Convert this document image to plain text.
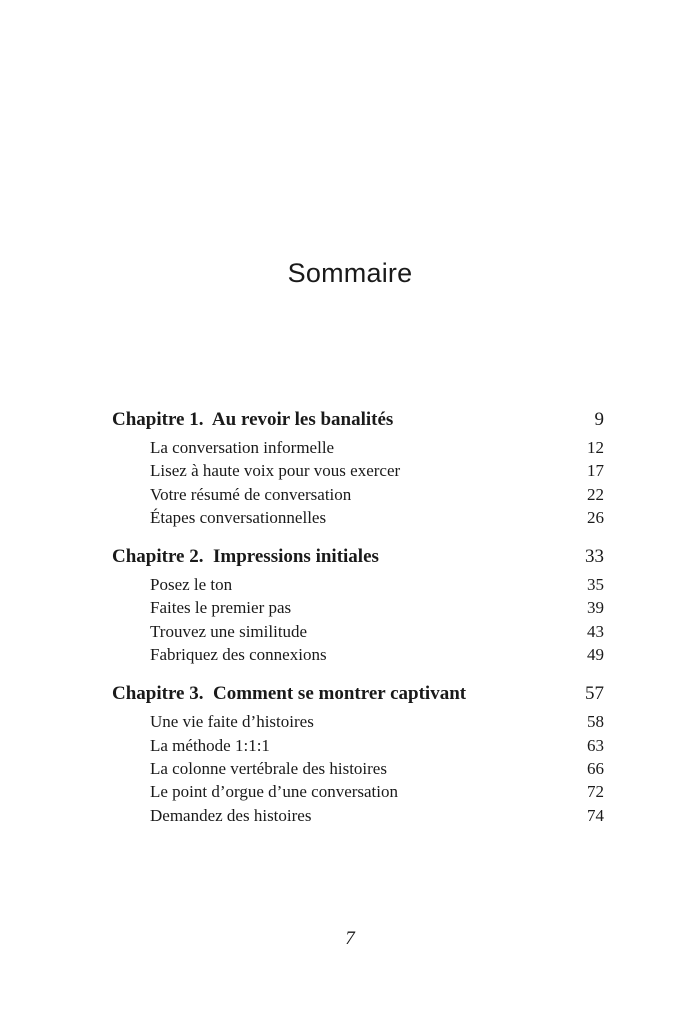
Sommaire
Chapitre 1.  Au revoir les banalités	9
La conversation informelle	12
Lisez à haute voix pour vous exercer	17
Votre résumé de conversation	22
Étapes conversationnelles	26
Chapitre 2.  Impressions initiales	33
Posez le ton	35
Faites le premier pas	39
Trouvez une similitude	43
Fabriquez des connexions	49
Chapitre 3.  Comment se montrer captivant	57
Une vie faite d’histoires	58
La méthode 1:1:1	63
La colonne vertébrale des histoires	66
Le point d’orgue d’une conversation	72
Demandez des histoires	74
7
